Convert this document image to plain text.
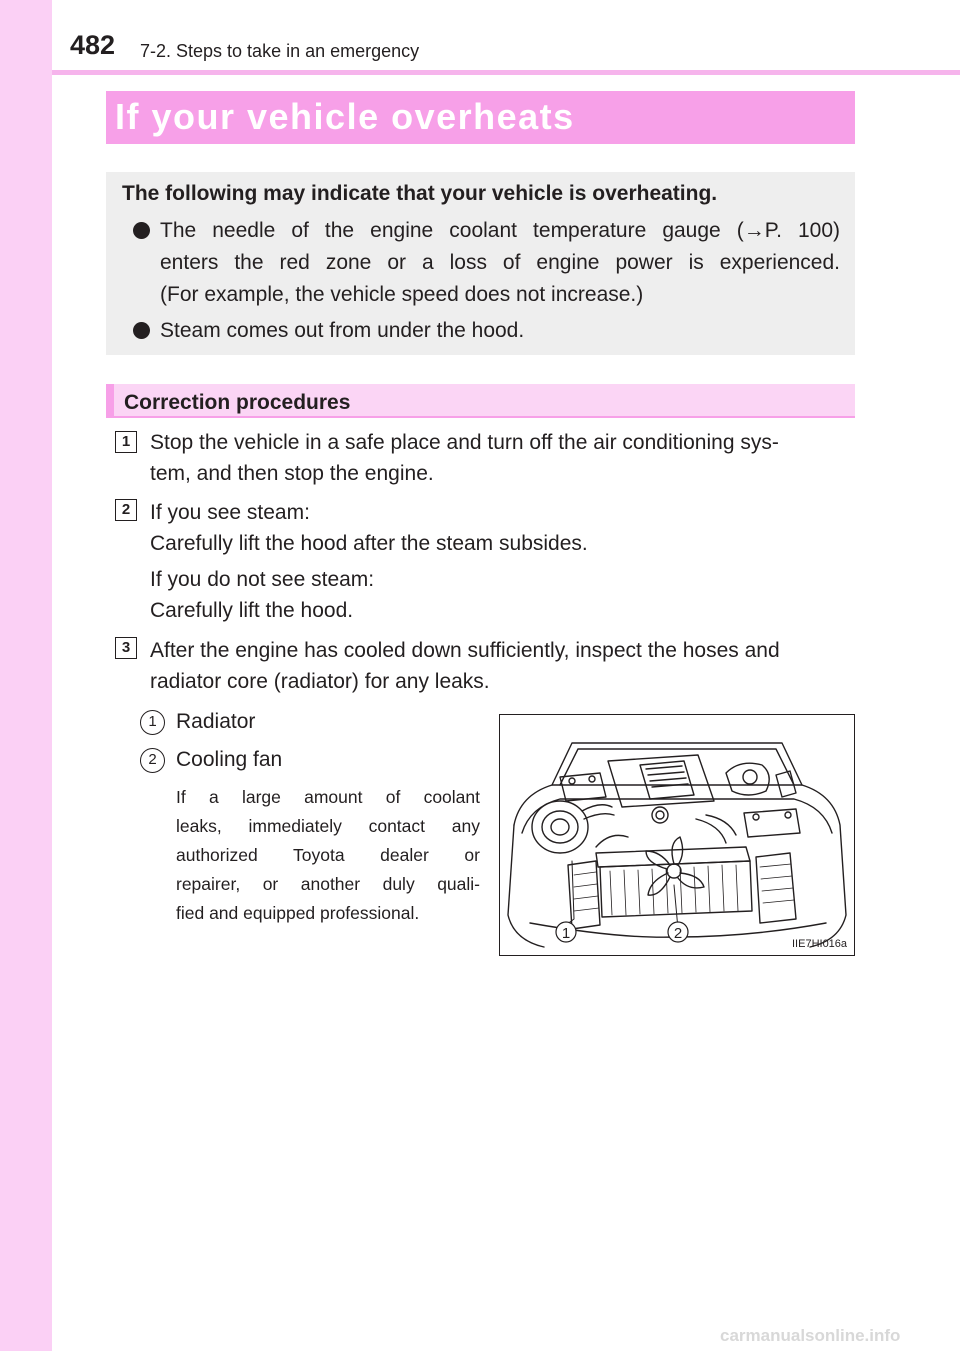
482 7-2. Steps to take in an emergency
If your vehicle overheats
The following may indicate that your vehicle is overheating.
The needle of the engine coolant temperature gauge (→P. 100)
enters the red zone or a loss of engine power is experienced.
(For example, the vehicle speed does not increase.)
Steam comes out from under the hood.
Correction procedures
1 Stop the vehicle in a safe place and turn off the air conditioning sys-
tem, and then stop the engine.
2 If you see steam:
Carefully lift the hood after the steam subsides.
If you do not see steam:
Carefully lift the hood.
3 After the engine has cooled down sufficiently, inspect the hoses and
radiator core (radiator) for any leaks.
1 Radiator
2 Cooling fan
If a large amount of coolant
leaks, immediately contact any
authorized Toyota dealer or
repairer, or another duly quali-
fied and equipped professional.
1	2
IIE7HI016a
carmanualsonline.info
